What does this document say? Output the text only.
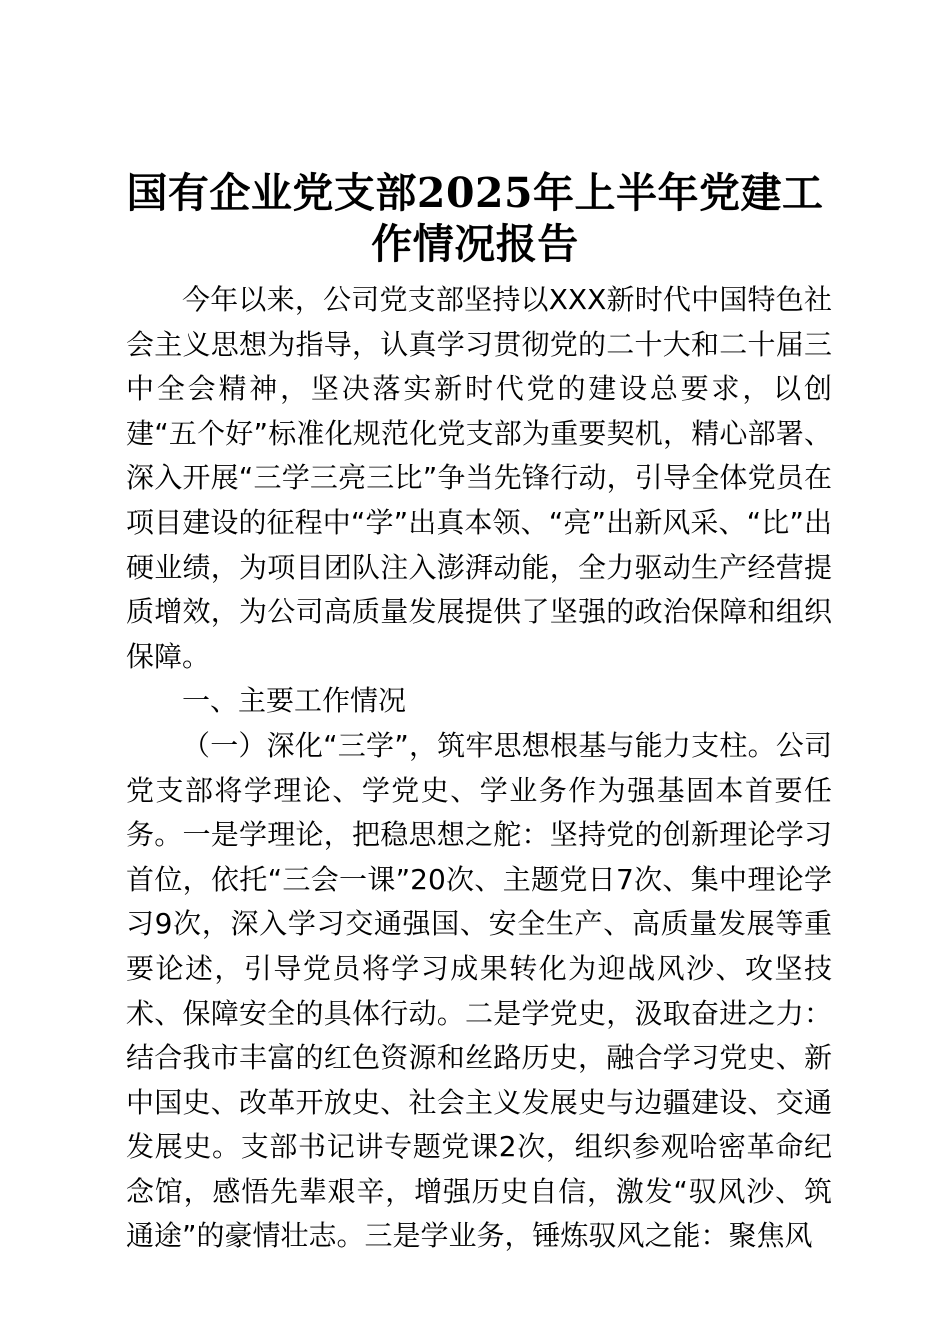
国有企业党支部2025年上半年党建工作情况报告

今年以来，公司党支部坚持以XXX新时代中国特色社会主义思想为指导，认真学习贯彻党的二十大和二十届三中全会精神，坚决落实新时代党的建设总要求，以创建“五个好”标准化规范化党支部为重要契机，精心部署、深入开展“三学三亮三比”争当先锋行动，引导全体党员在项目建设的征程中“学”出真本领、“亮”出新风采、“比”出硬业绩，为项目团队注入澎湃动能，全力驱动生产经营提质增效，为公司高质量发展提供了坚强的政治保障和组织保障。

一、主要工作情况

（一）深化“三学”，筑牢思想根基与能力支柱。公司党支部将学理论、学党史、学业务作为强基固本首要任务。一是学理论，把稳思想之舵：坚持党的创新理论学习首位，依托“三会一课”20次、主题党日7次、集中理论学习9次，深入学习交通强国、安全生产、高质量发展等重要论述，引导党员将学习成果转化为迎战风沙、攻坚技术、保障安全的具体行动。二是学党史，汲取奋进之力：结合我市丰富的红色资源和丝路历史，融合学习党史、新中国史、改革开放史、社会主义发展史与边疆建设、交通发展史。支部书记讲专题党课2次，组织参观哈密革命纪念馆，感悟先辈艰辛，增强历史自信，激发“驭风沙、筑通途”的豪情壮志。三是学业务，锤炼驭风之能：聚焦风
